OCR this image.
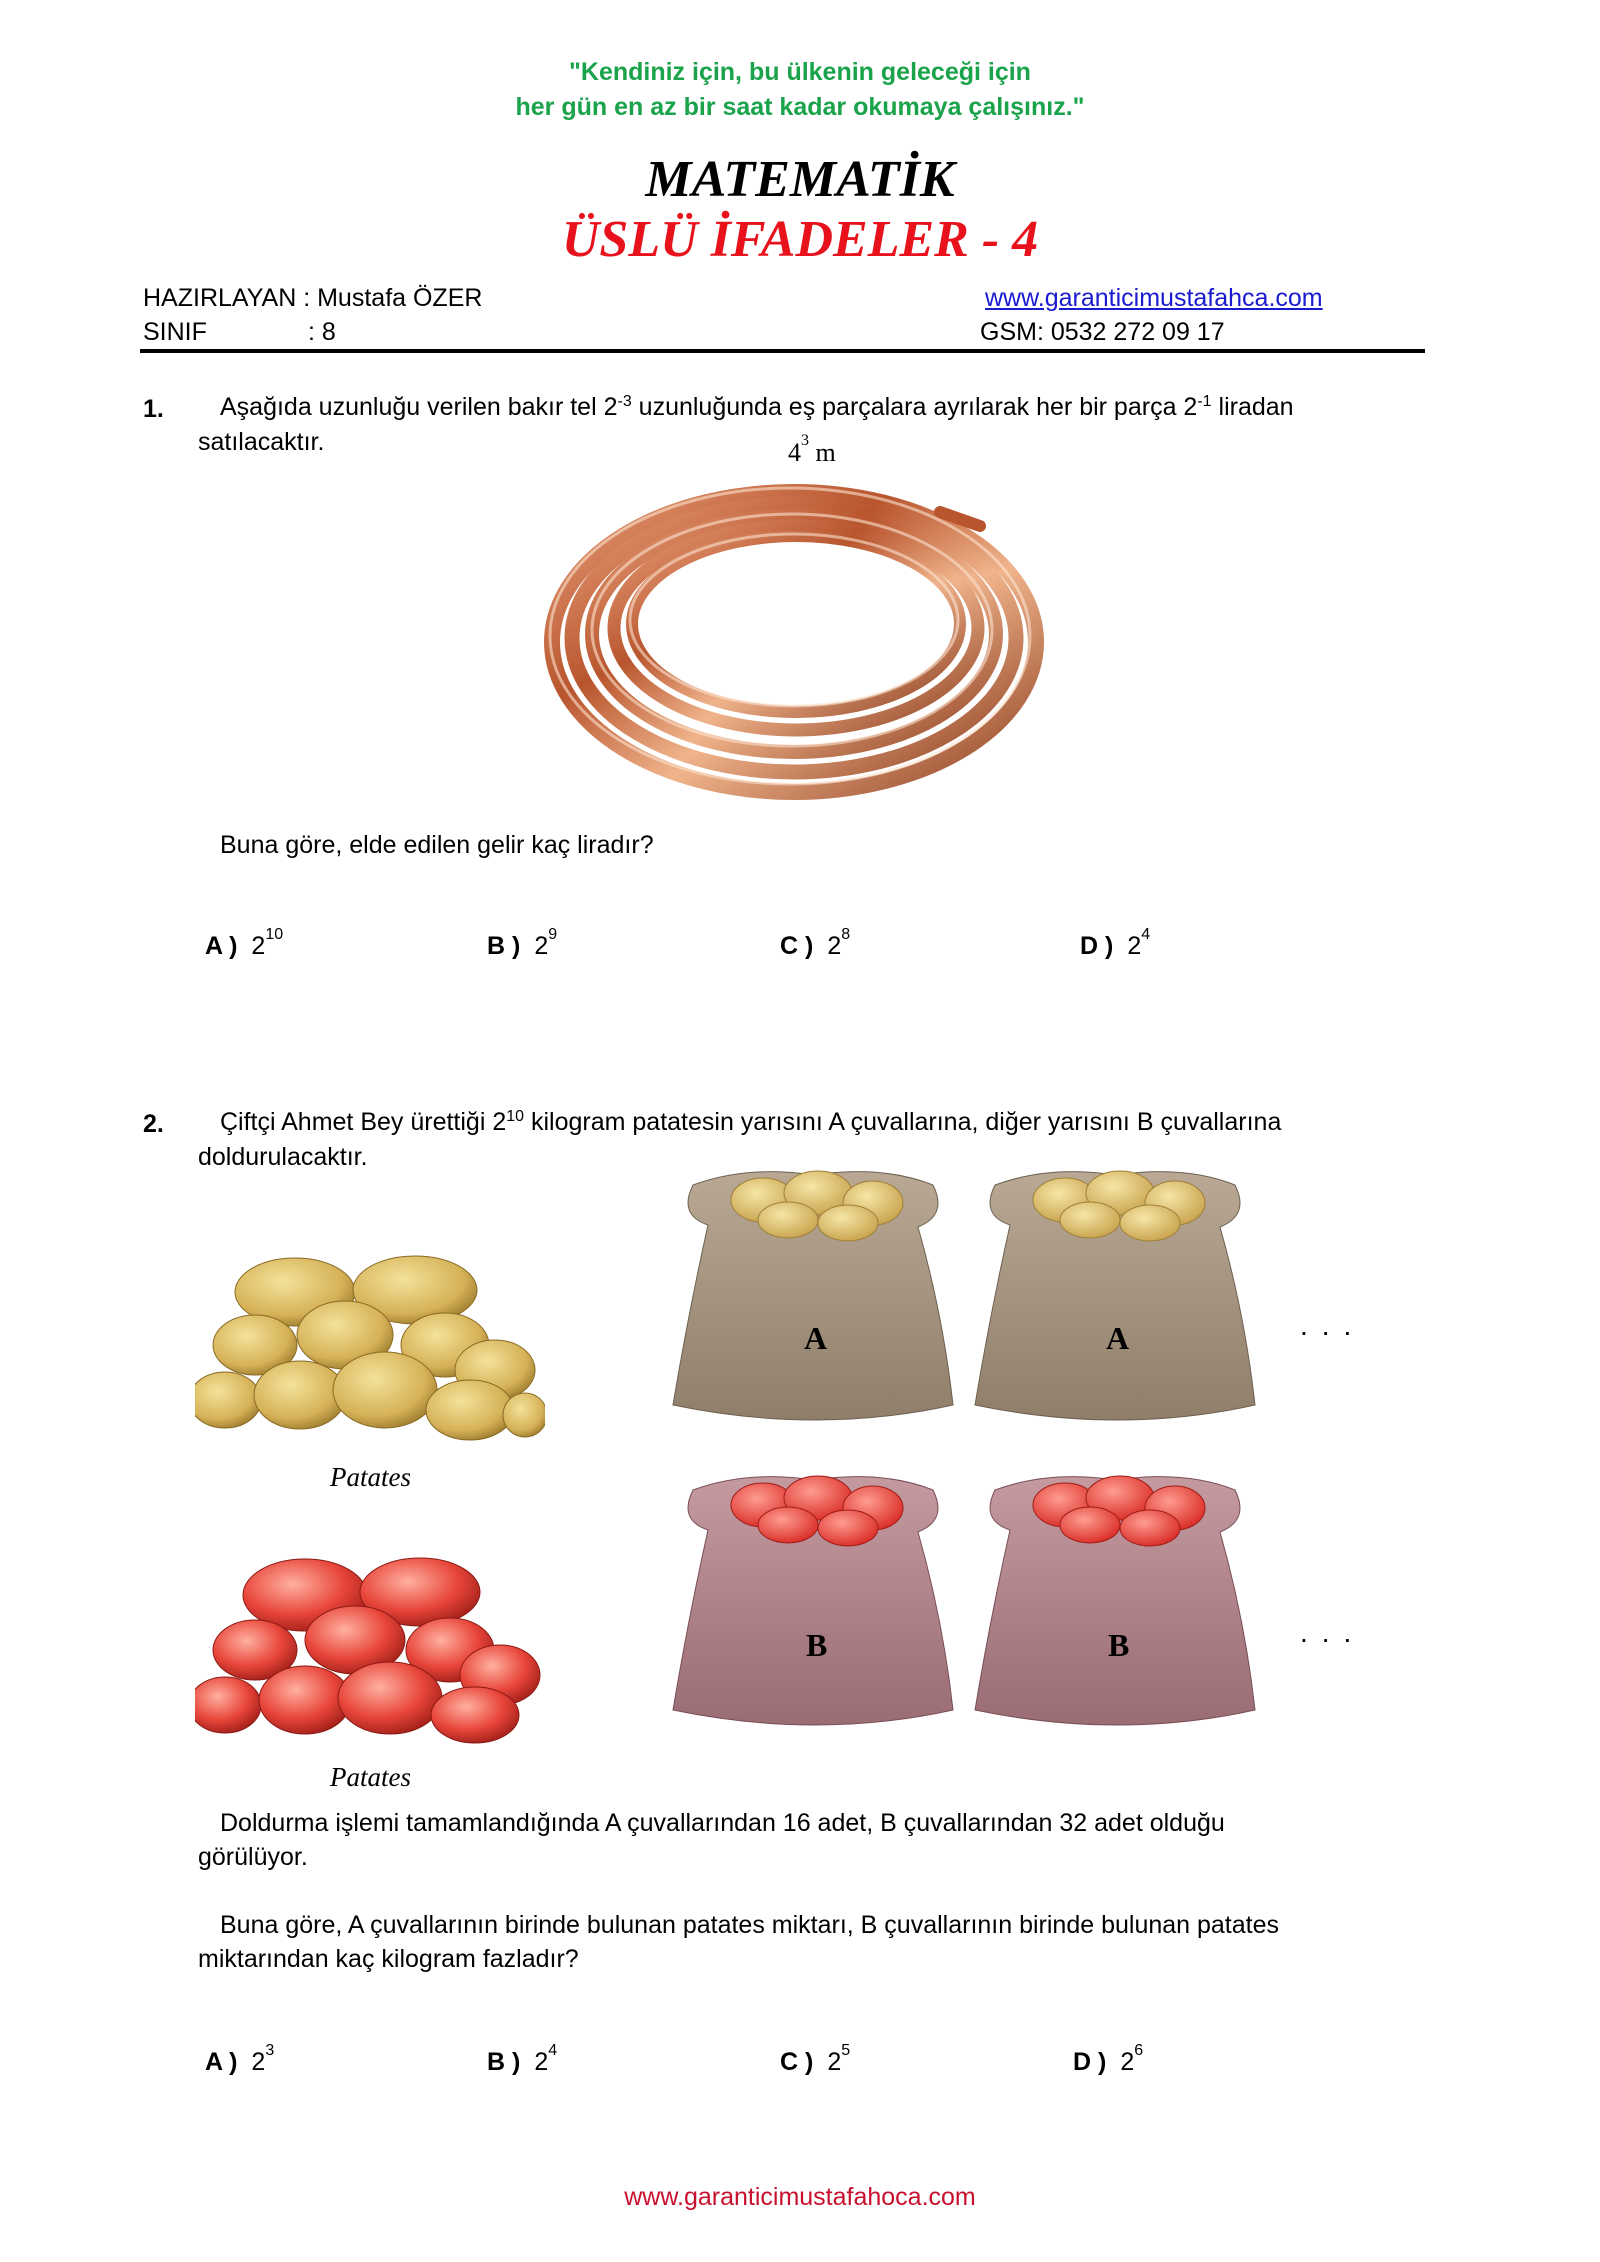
"Kendiniz için, bu ülkenin geleceği için
her gün en az bir saat kadar okumaya çalışınız."
MATEMATİK
ÜSLÜ İFADELER - 4
HAZIRLAYAN : Mustafa ÖZER
SINIF	: 8
www.garanticimustafahca.com
GSM: 0532 272 09 17
1. Aşağıda uzunluğu verilen bakır tel $2^{-3}$ uzunluğunda eş parçalara ayrılarak her bir parça $2^{-1}$ liradan
satılacaktır.	$4^3$ m
Buna göre, elde edilen gelir kaç liradır?
A ) $2^{10}$	B ) $2^9$	C ) $2^8$	D ) $2^4$
2. Çiftçi Ahmet Bey ürettiği $2^{10}$ kilogram patatesin yarısını A çuvallarına, diğer yarısını B çuvallarına
doldurulacaktır.
Patates
Patates
A	A	...
B	B	...
Doldurma işlemi tamamlandığında A çuvallarından 16 adet, B çuvallarından 32 adet olduğu
görülüyor.
Buna göre, A çuvallarının birinde bulunan patates miktarı, B çuvallarının birinde bulunan patates
miktarından kaç kilogram fazladır?
A ) $2^3$	B ) $2^4$	C ) $2^5$	D ) $2^6$
www.garanticimustafahoca.com
